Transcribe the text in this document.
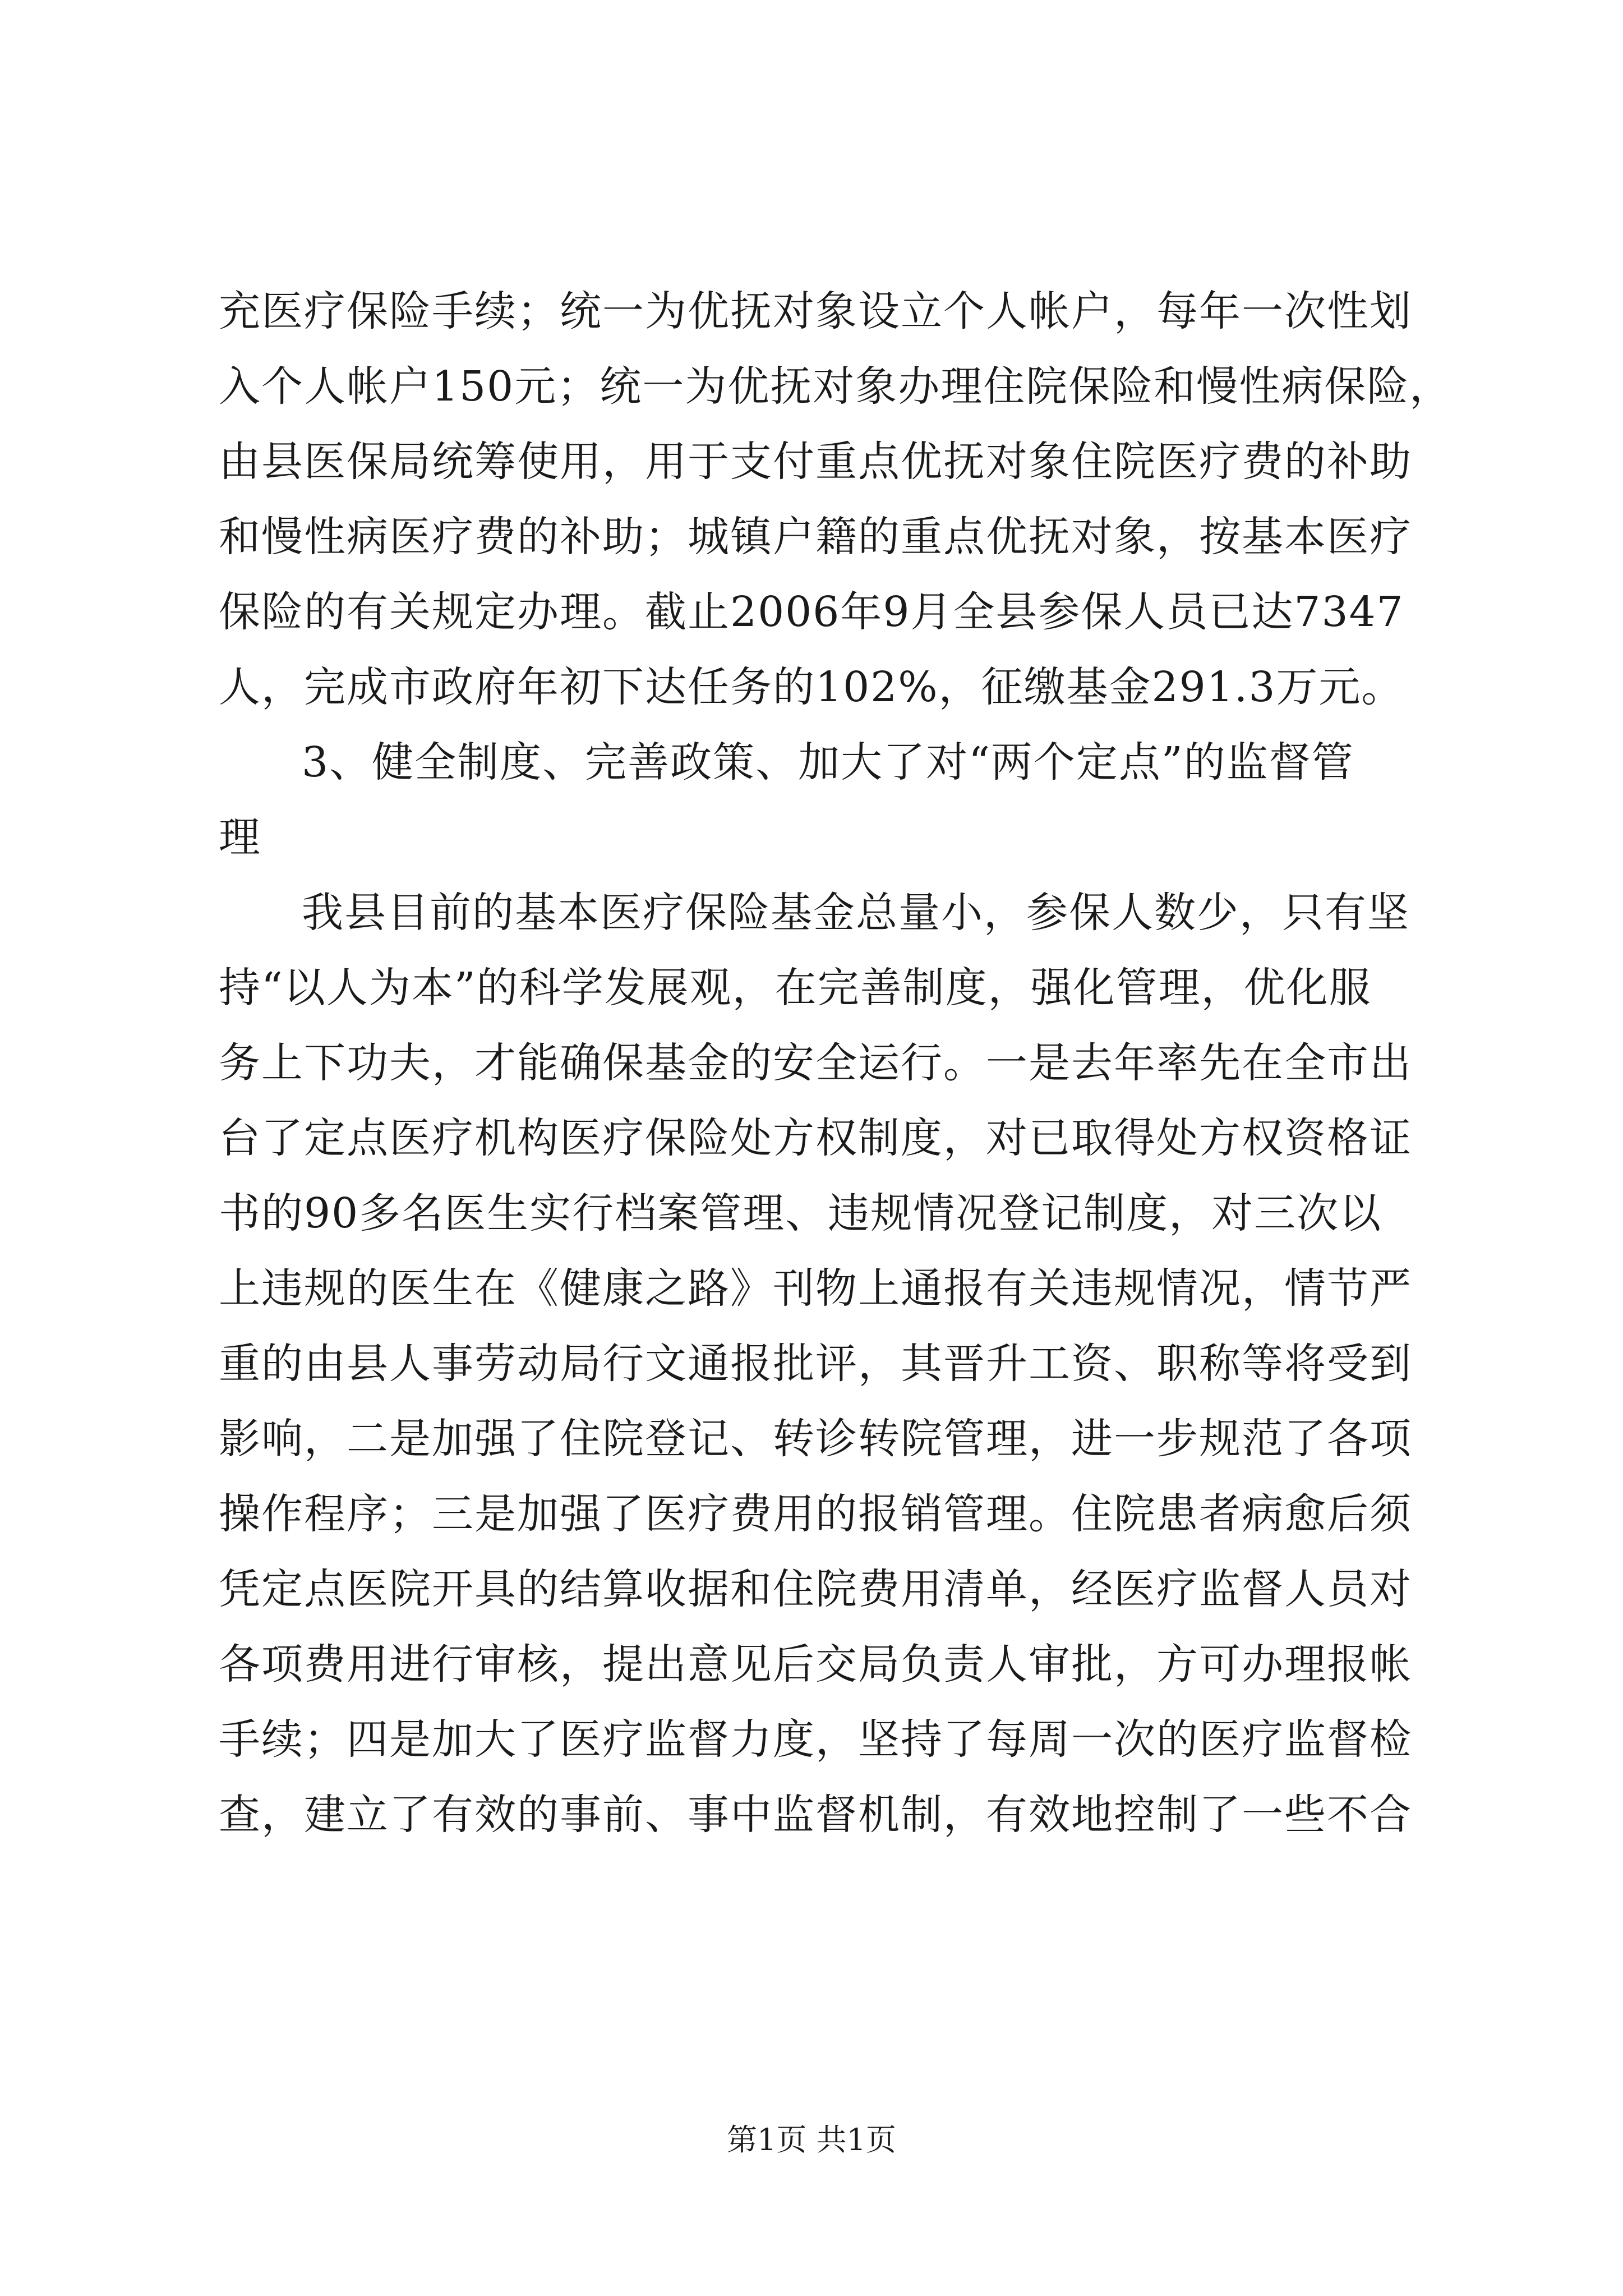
充医疗保险手续；统一为优抚对象设立个人帐户，每年一次性划
入个人帐户150元；统一为优抚对象办理住院保险和慢性病保险，
由县医保局统筹使用，用于支付重点优抚对象住院医疗费的补助
和慢性病医疗费的补助；城镇户籍的重点优抚对象，按基本医疗
保险的有关规定办理。截止2006年9月全县参保人员已达7347
人，完成市政府年初下达任务的102%，征缴基金291.3万元。
3、健全制度、完善政策、加大了对“两个定点”的监督管
理
我县目前的基本医疗保险基金总量小，参保人数少，只有坚
持“以人为本”的科学发展观，在完善制度，强化管理，优化服
务上下功夫，才能确保基金的安全运行。一是去年率先在全市出
台了定点医疗机构医疗保险处方权制度，对已取得处方权资格证
书的90多名医生实行档案管理、违规情况登记制度，对三次以
上违规的医生在《健康之路》刊物上通报有关违规情况，情节严
重的由县人事劳动局行文通报批评，其晋升工资、职称等将受到
影响，二是加强了住院登记、转诊转院管理，进一步规范了各项
操作程序；三是加强了医疗费用的报销管理。住院患者病愈后须
凭定点医院开具的结算收据和住院费用清单，经医疗监督人员对
各项费用进行审核，提出意见后交局负责人审批，方可办理报帐
手续；四是加大了医疗监督力度，坚持了每周一次的医疗监督检
查，建立了有效的事前、事中监督机制，有效地控制了一些不合
第1页 共1页
